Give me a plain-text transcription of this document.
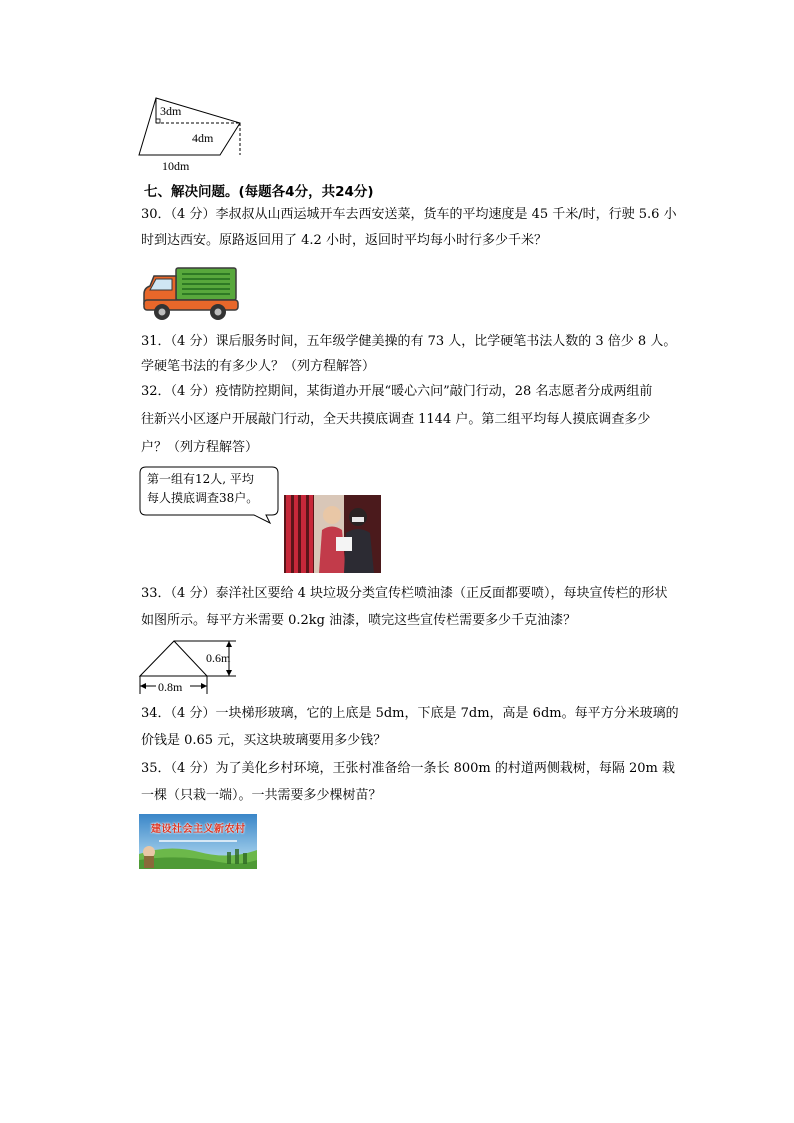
3dm
4dm
10dm
七、解决问题。(每题各4分，共24分)
30．（4 分）李叔叔从山西运城开车去西安送菜，货车的平均速度是 45 千米/时，行驶 5.6 小
时到达西安。原路返回用了 4.2 小时，返回时平均每小时行多少千米？
31．（4 分）课后服务时间，五年级学健美操的有 73 人，比学硬笔书法人数的 3 倍少 8 人。
学硬笔书法的有多少人？（列方程解答）
32．（4 分）疫情防控期间，某街道办开展“暖心六问”敲门行动，28 名志愿者分成两组前
往新兴小区逐户开展敲门行动，全天共摸底调查 1144 户。第二组平均每人摸底调查多少
户？（列方程解答）
第一组有12人, 平均
每人摸底调查38户。
33．（4 分）泰洋社区要给 4 块垃圾分类宣传栏喷油漆（正反面都要喷），每块宣传栏的形状
如图所示。每平方米需要 0.2kg 油漆，喷完这些宣传栏需要多少千克油漆？
0.6m
0.8m
34．（4 分）一块梯形玻璃，它的上底是 5dm，下底是 7dm，高是 6dm。每平方分米玻璃的
价钱是 0.65 元，买这块玻璃要用多少钱？
35．（4 分）为了美化乡村环境，王张村准备给一条长 800m 的村道两侧栽树，每隔 20m 栽
一棵（只栽一端）。一共需要多少棵树苗？
建设社会主义新农村
